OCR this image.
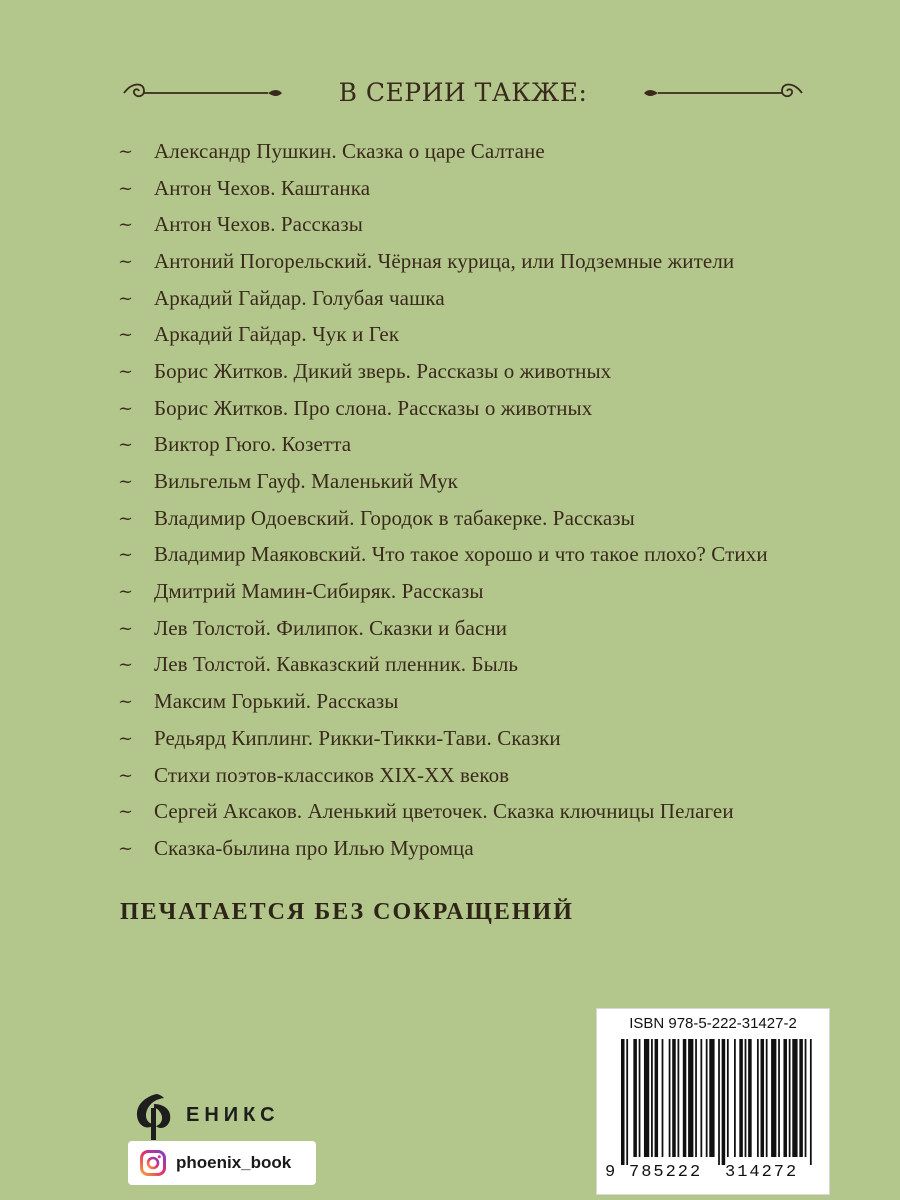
В СЕРИИ ТАКЖЕ:
~ Александр Пушкин. Сказка о царе Салтане
~ Антон Чехов. Каштанка
~ Антон Чехов. Рассказы
~ Антоний Погорельский. Чёрная курица, или Подземные жители
~ Аркадий Гайдар. Голубая чашка
~ Аркадий Гайдар. Чук и Гек
~ Борис Житков. Дикий зверь. Рассказы о животных
~ Борис Житков. Про слона. Рассказы о животных
~ Виктор Гюго. Козетта
~ Вильгельм Гауф. Маленький Мук
~ Владимир Одоевский. Городок в табакерке. Рассказы
~ Владимир Маяковский. Что такое хорошо и что такое плохо? Стихи
~ Дмитрий Мамин-Сибиряк. Рассказы
~ Лев Толстой. Филипок. Сказки и басни
~ Лев Толстой. Кавказский пленник. Быль
~ Максим Горький. Рассказы
~ Редьярд Киплинг. Рикки-Тикки-Тави. Сказки
~ Стихи поэтов-классиков XIX-XX веков
~ Сергей Аксаков. Аленький цветочек. Сказка ключницы Пелагеи
~ Сказка-былина про Илью Муромца
ПЕЧАТАЕТСЯ БЕЗ СОКРАЩЕНИЙ
ЕНИКС
phoenix_book
ISBN 978-5-222-31427-2
9 785222 314272
